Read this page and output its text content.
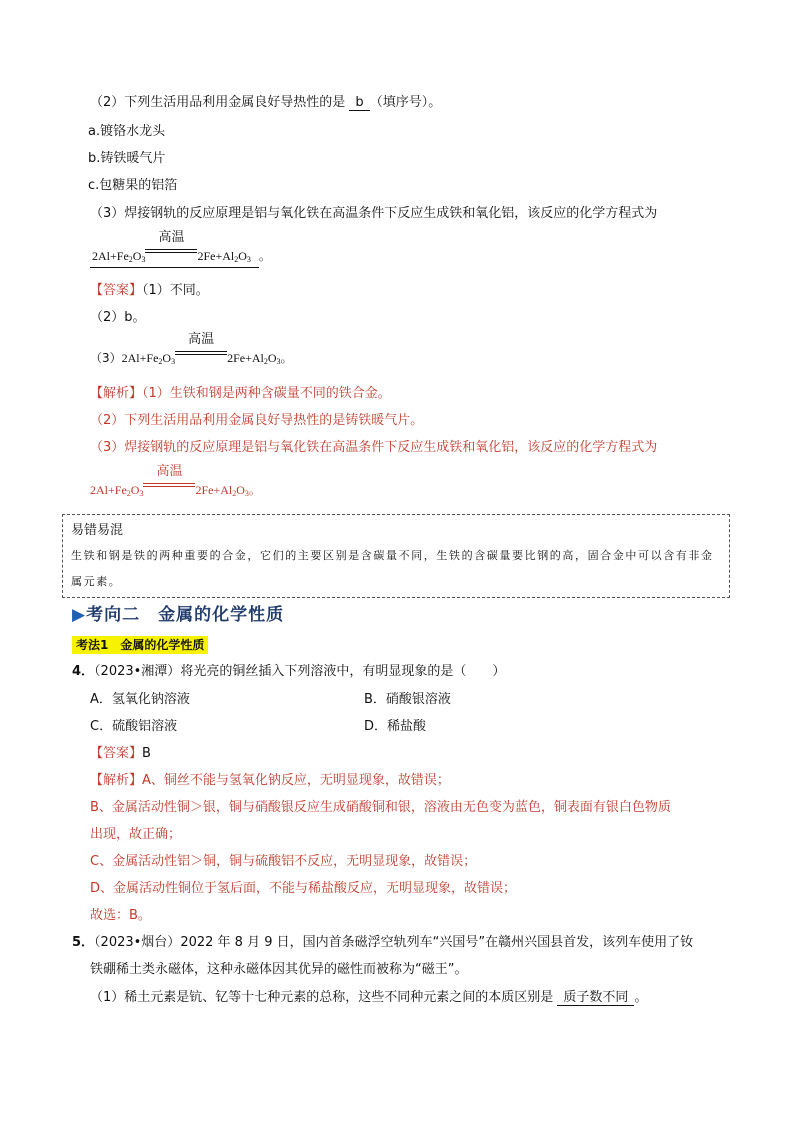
（2）下列生活用品利用金属良好导热性的是 b （填序号）。
a.镀铬水龙头
b.铸铁暖气片
c.包糖果的铝箔
（3）焊接钢轨的反应原理是铝与氧化铁在高温条件下反应生成铁和氧化铝，该反应的化学方程式为
$2Al+Fe_2O_3$
高温
$2Fe+Al_2O_3$ 。
【答案】（1）不同。
（2）b。
$(3)2Al+Fe_2O_3$
高温
$2Fe+Al_2O_3$。
【解析】（1）生铁和钢是两种含碳量不同的铁合金。
（2）下列生活用品利用金属良好导热性的是铸铁暖气片。
（3）焊接钢轨的反应原理是铝与氧化铁在高温条件下反应生成铁和氧化铝，该反应的化学方程式为
$2Al+Fe_2O_3$
高温
$2Fe+Al_2O_3$。
易错易混
生铁和钢是铁的两种重要的合金，它们的主要区别是含碳量不同，生铁的含碳量要比钢的高，固合金中可以含有非金属元素。
▶考向二　金属的化学性质
考法1　金属的化学性质
4．（2023•湘潭）将光亮的铜丝插入下列溶液中，有明显现象的是（　　）
A．氢氧化钠溶液	B．硝酸银溶液
C．硫酸铝溶液	D．稀盐酸
【答案】B
【解析】A、铜丝不能与氢氧化钠反应，无明显现象，故错误；
B、金属活动性铜＞银，铜与硝酸银反应生成硝酸铜和银，溶液由无色变为蓝色，铜表面有银白色物质
出现，故正确；
C、金属活动性铝＞铜，铜与硫酸铝不反应，无明显现象，故错误；
D、金属活动性铜位于氢后面，不能与稀盐酸反应，无明显现象，故错误；
故选：B。
5．（2023•烟台）2022 年 8 月 9 日，国内首条磁浮空轨列车“兴国号”在赣州兴国县首发，该列车使用了钕
铁硼稀土类永磁体，这种永磁体因其优异的磁性而被称为“磁王”。
（1）稀土元素是钪、钇等十七种元素的总称，这些不同种元素之间的本质区别是 质子数不同 。
